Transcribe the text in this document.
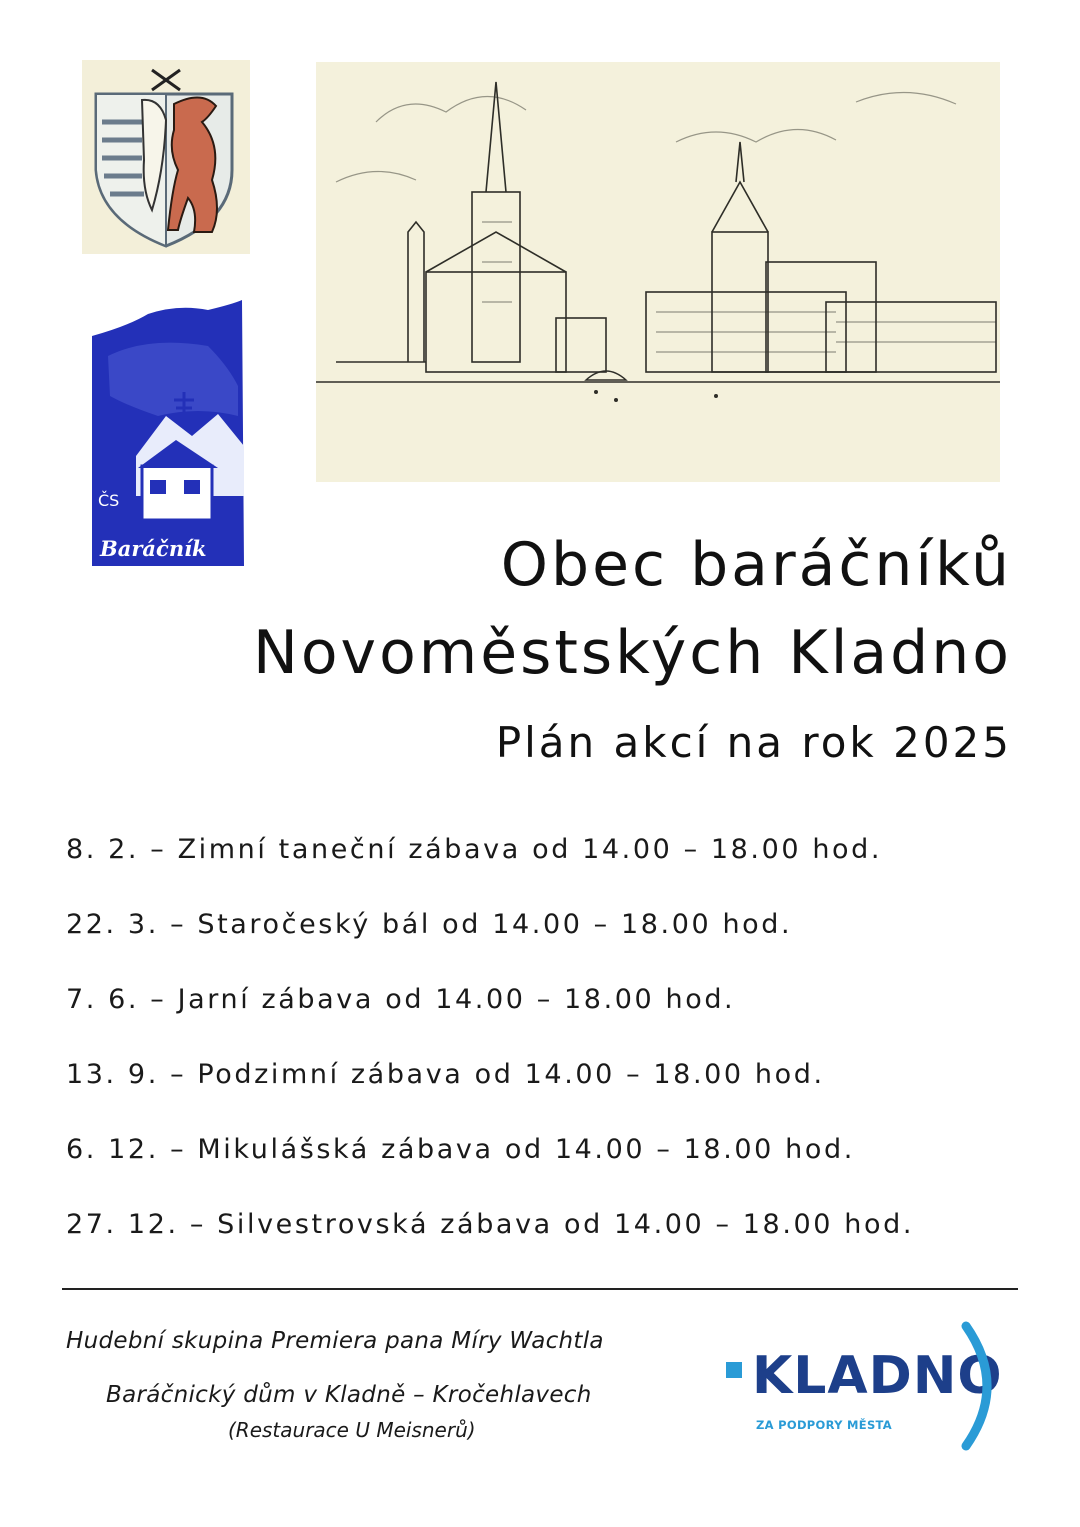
Baráčník
ČS
Obec baráčníků
Novoměstských Kladno
Plán akcí na rok 2025
8. 2. – Zimní taneční zábava od 14.00 – 18.00 hod.
22. 3. – Staročeský bál od 14.00 – 18.00 hod.
7. 6. – Jarní zábava od 14.00 – 18.00 hod.
13. 9. – Podzimní zábava od 14.00 – 18.00 hod.
6. 12. – Mikulášská zábava od 14.00 – 18.00 hod.
27. 12. – Silvestrovská zábava od 14.00 – 18.00 hod.
Hudební skupina Premiera pana Míry Wachtla
Baráčnický dům v Kladně – Kročehlavech
(Restaurace U Meisnerů)
KLADNO
ZA PODPORY MĚSTA
